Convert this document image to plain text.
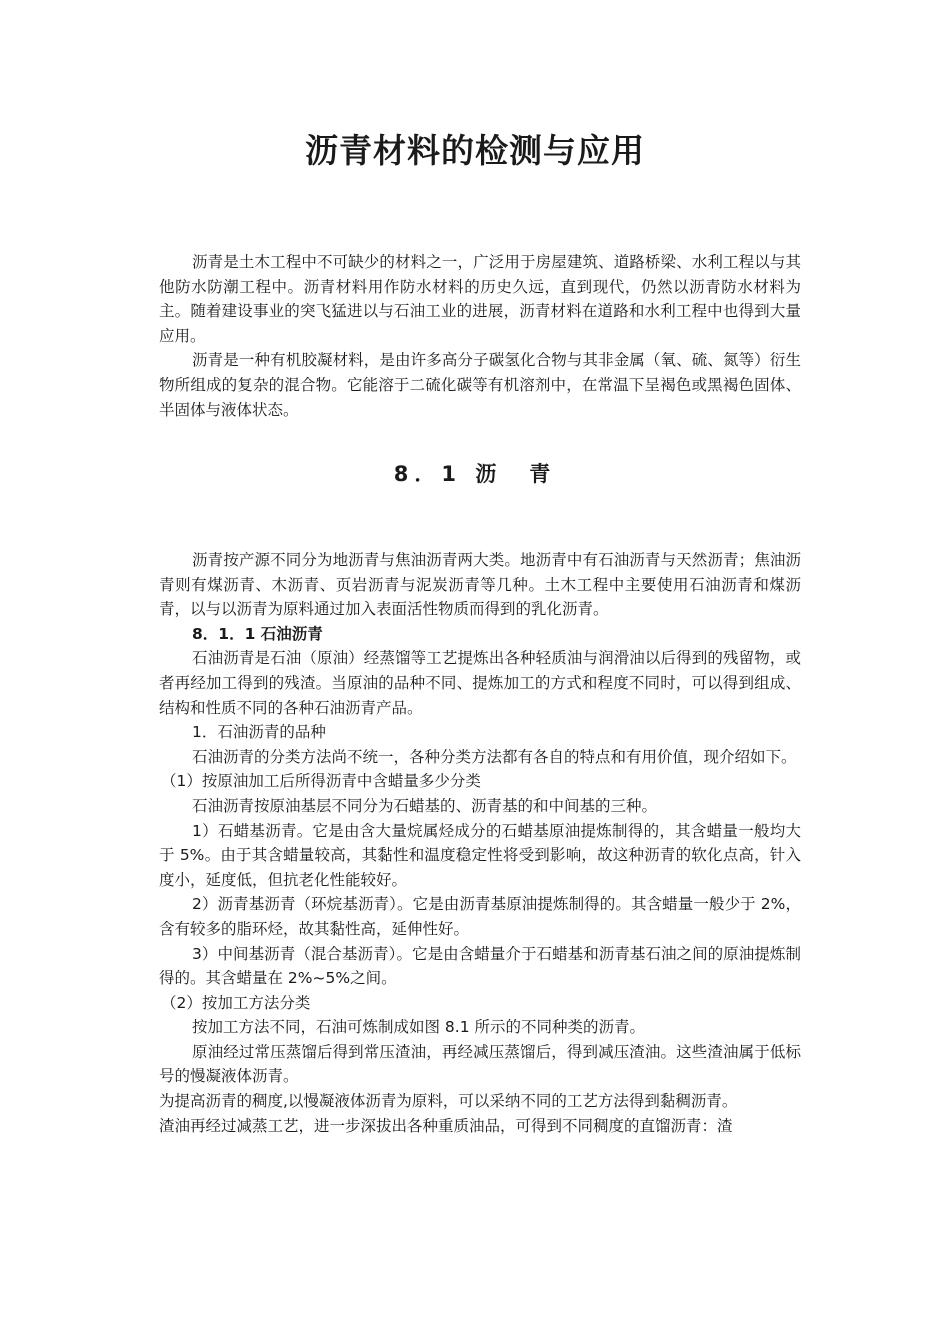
沥青材料的检测与应用

沥青是土木工程中不可缺少的材料之一，广泛用于房屋建筑、道路桥梁、水利工程以与其他防水防潮工程中。沥青材料用作防水材料的历史久远，直到现代，仍然以沥青防水材料为主。随着建设事业的突飞猛进以与石油工业的进展，沥青材料在道路和水利工程中也得到大量应用。

沥青是一种有机胶凝材料，是由许多高分子碳氢化合物与其非金属（氧、硫、氮等）衍生物所组成的复杂的混合物。它能溶于二硫化碳等有机溶剂中，在常温下呈褐色或黑褐色固体、半固体与液体状态。

8．1 沥　青

沥青按产源不同分为地沥青与焦油沥青两大类。地沥青中有石油沥青与天然沥青；焦油沥青则有煤沥青、木沥青、页岩沥青与泥炭沥青等几种。土木工程中主要使用石油沥青和煤沥青，以与以沥青为原料通过加入表面活性物质而得到的乳化沥青。

8．1．1 石油沥青

石油沥青是石油（原油）经蒸馏等工艺提炼出各种轻质油与润滑油以后得到的残留物，或者再经加工得到的残渣。当原油的品种不同、提炼加工的方式和程度不同时，可以得到组成、结构和性质不同的各种石油沥青产品。

1．石油沥青的品种

石油沥青的分类方法尚不统一，各种分类方法都有各自的特点和有用价值，现介绍如下。

（1）按原油加工后所得沥青中含蜡量多少分类

石油沥青按原油基层不同分为石蜡基的、沥青基的和中间基的三种。

1）石蜡基沥青。它是由含大量烷属烃成分的石蜡基原油提炼制得的，其含蜡量一般均大于 5%。由于其含蜡量较高，其黏性和温度稳定性将受到影响，故这种沥青的软化点高，针入度小，延度低，但抗老化性能较好。

2）沥青基沥青（环烷基沥青）。它是由沥青基原油提炼制得的。其含蜡量一般少于 2%，含有较多的脂环烃，故其黏性高，延伸性好。

3）中间基沥青（混合基沥青）。它是由含蜡量介于石蜡基和沥青基石油之间的原油提炼制得的。其含蜡量在 2%~5%之间。

（2）按加工方法分类

按加工方法不同，石油可炼制成如图 8.1 所示的不同种类的沥青。

原油经过常压蒸馏后得到常压渣油，再经减压蒸馏后，得到减压渣油。这些渣油属于低标号的慢凝液体沥青。

为提高沥青的稠度,以慢凝液体沥青为原料，可以采纳不同的工艺方法得到黏稠沥青。

渣油再经过减蒸工艺，进一步深拔出各种重质油品，可得到不同稠度的直馏沥青：渣
